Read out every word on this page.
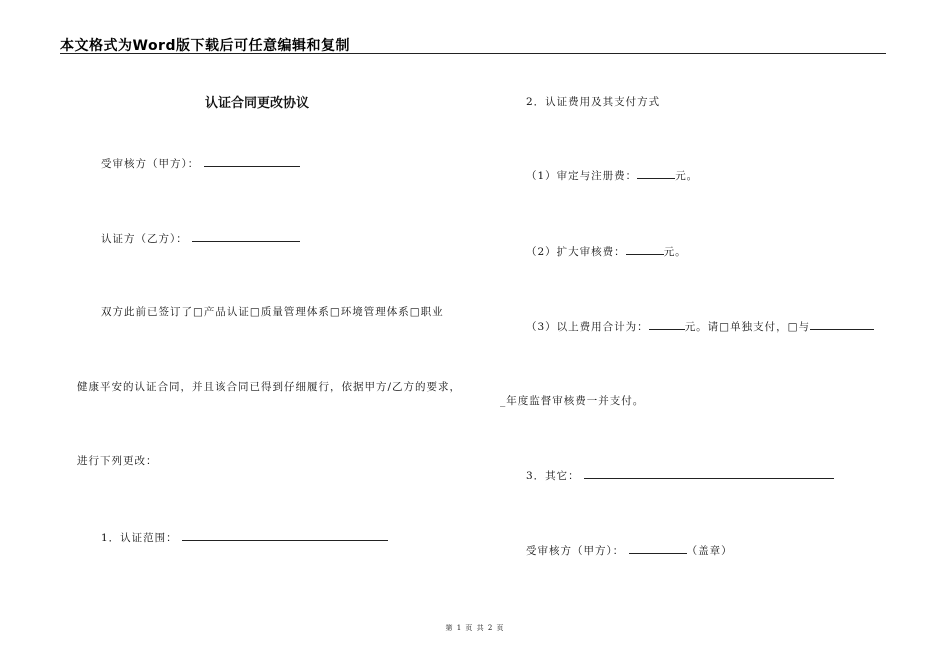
本文格式为Word版下载后可任意编辑和复制
认证合同更改协议
受审核方（甲方）：
认证方（乙方）：
双方此前已签订了□产品认证□质量管理体系□环境管理体系□职业
健康平安的认证合同，并且该合同已得到仔细履行，依据甲方/乙方的要求，
进行下列更改：
1．认证范围：
2．认证费用及其支付方式
（1）审定与注册费：	元。
（2）扩大审核费：	元。
（3）以上费用合计为：	元。请□单独支付，□与
_年度监督审核费一并支付。
3．其它：
受审核方（甲方）：	（盖章）
第 1 页 共 2 页
